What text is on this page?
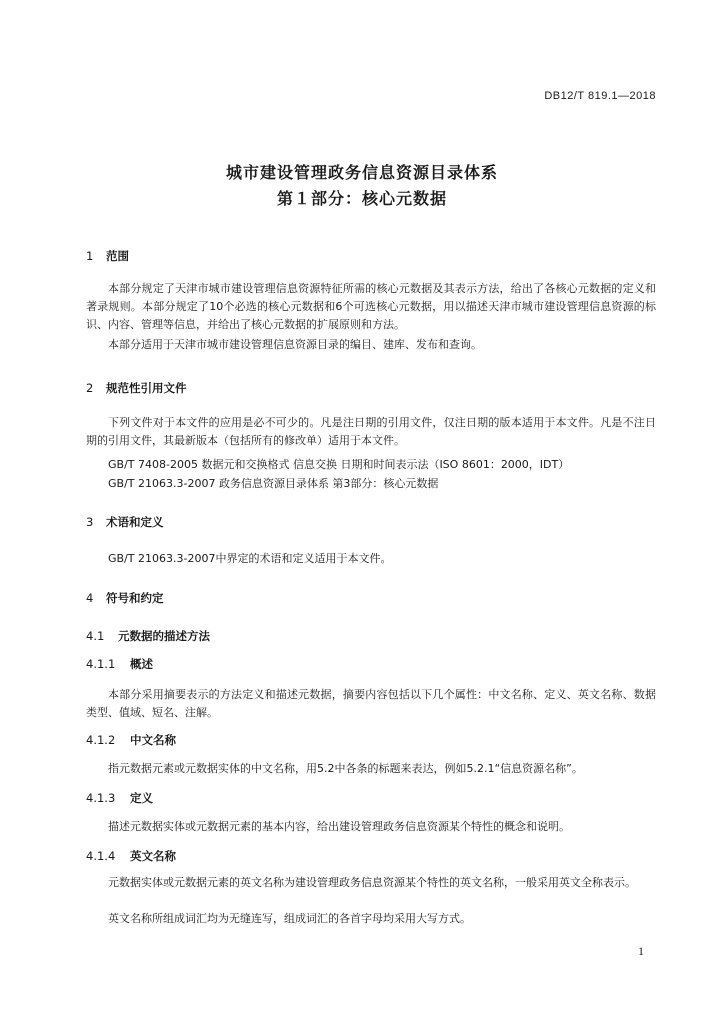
DB12/T 819.1—2018
城市建设管理政务信息资源目录体系
第１部分：核心元数据
1 范围
本部分规定了天津市城市建设管理信息资源特征所需的核心元数据及其表示方法，给出了各核心元数据的定义和著录规则。本部分规定了10个必选的核心元数据和6个可选核心元数据，用以描述天津市城市建设管理信息资源的标识、内容、管理等信息，并给出了核心元数据的扩展原则和方法。
本部分适用于天津市城市建设管理信息资源目录的编目、建库、发布和查询。
2 规范性引用文件
下列文件对于本文件的应用是必不可少的。凡是注日期的引用文件，仅注日期的版本适用于本文件。凡是不注日期的引用文件，其最新版本（包括所有的修改单）适用于本文件。
GB/T 7408-2005 数据元和交换格式 信息交换 日期和时间表示法（ISO 8601：2000，IDT）
GB/T 21063.3-2007 政务信息资源目录体系 第3部分：核心元数据
3 术语和定义
GB/T 21063.3-2007中界定的术语和定义适用于本文件。
4 符号和约定
4.1 元数据的描述方法
4.1.1 概述
本部分采用摘要表示的方法定义和描述元数据，摘要内容包括以下几个属性：中文名称、定义、英文名称、数据类型、值域、短名、注解。
4.1.2 中文名称
指元数据元素或元数据实体的中文名称，用5.2中各条的标题来表达，例如5.2.1“信息资源名称”。
4.1.3 定义
描述元数据实体或元数据元素的基本内容，给出建设管理政务信息资源某个特性的概念和说明。
4.1.4 英文名称
元数据实体或元数据元素的英文名称为建设管理政务信息资源某个特性的英文名称，一般采用英文全称表示。
英文名称所组成词汇均为无缝连写，组成词汇的各首字母均采用大写方式。
1
